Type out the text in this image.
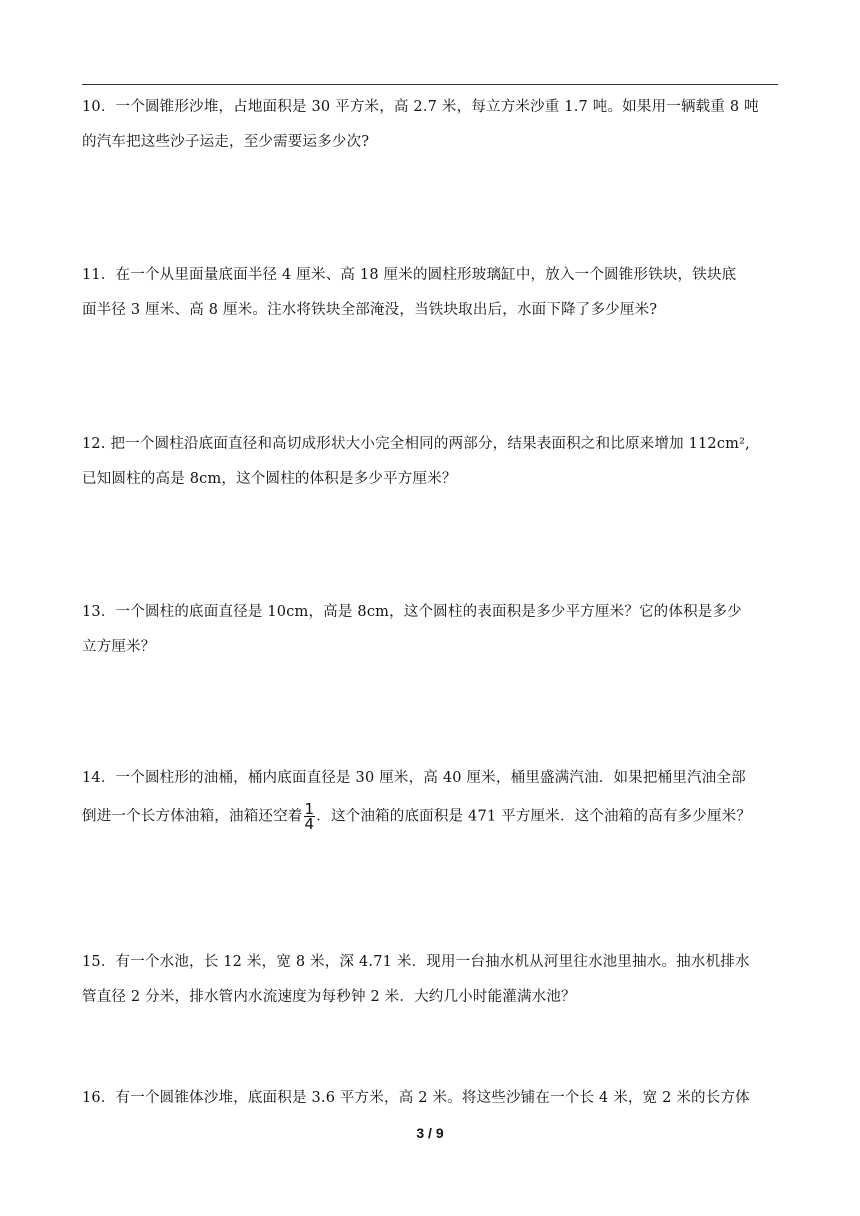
10．一个圆锥形沙堆，占地面积是 30 平方米，高 2.7 米，每立方米沙重 1.7 吨。如果用一辆载重 8 吨
的汽车把这些沙子运走，至少需要运多少次?
11．在一个从里面量底面半径 4 厘米、高 18 厘米的圆柱形玻璃缸中，放入一个圆锥形铁块，铁块底
面半径 3 厘米、高 8 厘米。注水将铁块全部淹没，当铁块取出后，水面下降了多少厘米?
12. 把一个圆柱沿底面直径和高切成形状大小完全相同的两部分，结果表面积之和比原来增加 112cm²,
已知圆柱的高是 8cm，这个圆柱的体积是多少平方厘米？
13．一个圆柱的底面直径是 10cm，高是 8cm，这个圆柱的表面积是多少平方厘米？它的体积是多少
立方厘米？
14．一个圆柱形的油桶，桶内底面直径是 30 厘米，高 40 厘米，桶里盛满汽油．如果把桶里汽油全部
倒进一个长方体油箱，油箱还空着 $\frac{1}{4}$ ．这个油箱的底面积是 471 平方厘米．这个油箱的高有多少厘米？
15．有一个水池，长 12 米，宽 8 米，深 4.71 米．现用一台抽水机从河里往水池里抽水。抽水机排水
管直径 2 分米，排水管内水流速度为每秒钟 2 米．大约几小时能灌满水池？
16．有一个圆锥体沙堆，底面积是 3.6 平方米，高 2 米。将这些沙铺在一个长 4 米，宽 2 米的长方体
3 / 9
